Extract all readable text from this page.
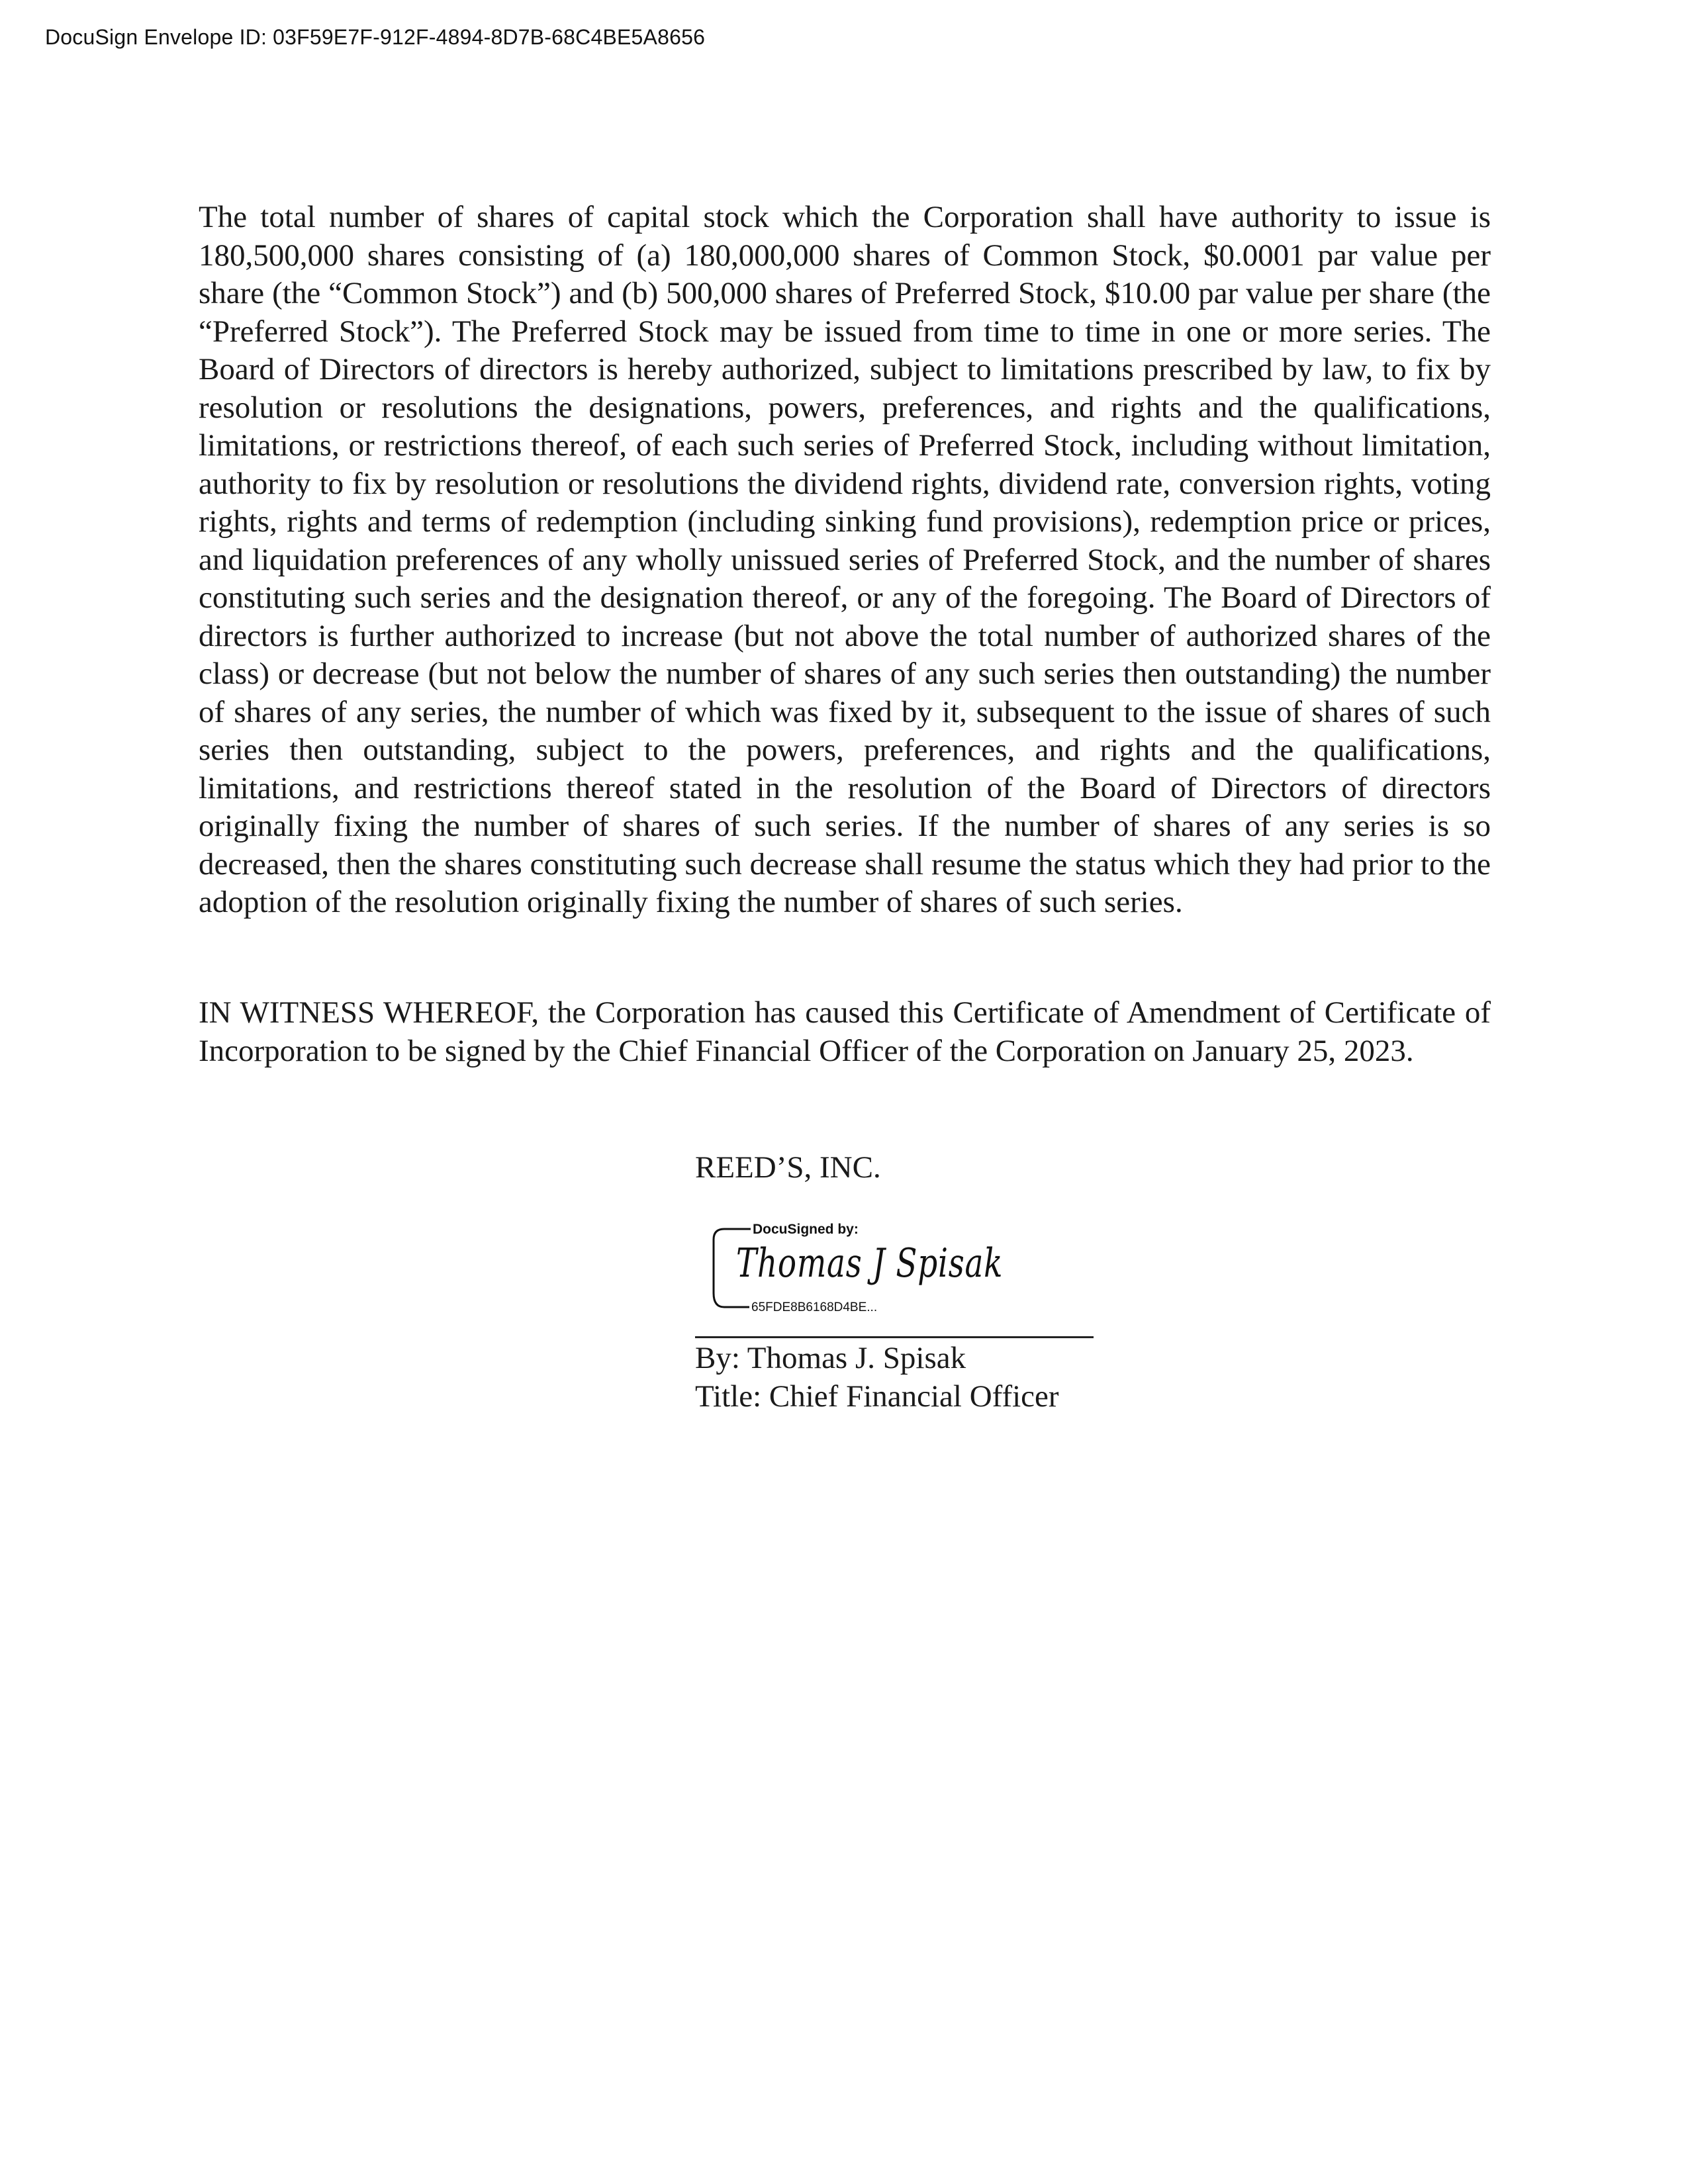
DocuSign Envelope ID: 03F59E7F-912F-4894-8D7B-68C4BE5A8656

The total number of shares of capital stock which the Corporation shall have authority to issue is 180,500,000 shares consisting of (a) 180,000,000 shares of Common Stock, $0.0001 par value per share (the “Common Stock”) and (b) 500,000 shares of Preferred Stock, $10.00 par value per share (the “Preferred Stock”). The Preferred Stock may be issued from time to time in one or more series. The Board of Directors of directors is hereby authorized, subject to limitations prescribed by law, to fix by resolution or resolutions the designations, powers, preferences, and rights and the qualifications, limitations, or restrictions thereof, of each such series of Preferred Stock, including without limitation, authority to fix by resolution or resolutions the dividend rights, dividend rate, conversion rights, voting rights, rights and terms of redemption (including sinking fund provisions), redemption price or prices, and liquidation preferences of any wholly unissued series of Preferred Stock, and the number of shares constituting such series and the designation thereof, or any of the foregoing. The Board of Directors of directors is further authorized to increase (but not above the total number of authorized shares of the class) or decrease (but not below the number of shares of any such series then outstanding) the number of shares of any series, the number of which was fixed by it, subsequent to the issue of shares of such series then outstanding, subject to the powers, preferences, and rights and the qualifications, limitations, and restrictions thereof stated in the resolution of the Board of Directors of directors originally fixing the number of shares of such series. If the number of shares of any series is so decreased, then the shares constituting such decrease shall resume the status which they had prior to the adoption of the resolution originally fixing the number of shares of such series.

IN WITNESS WHEREOF, the Corporation has caused this Certificate of Amendment of Certificate of Incorporation to be signed by the Chief Financial Officer of the Corporation on January 25, 2023.

REED’S, INC.

DocuSigned by:
Thomas J Spisak
65FDE8B6168D4BE...

By: Thomas J. Spisak

Title: Chief Financial Officer
